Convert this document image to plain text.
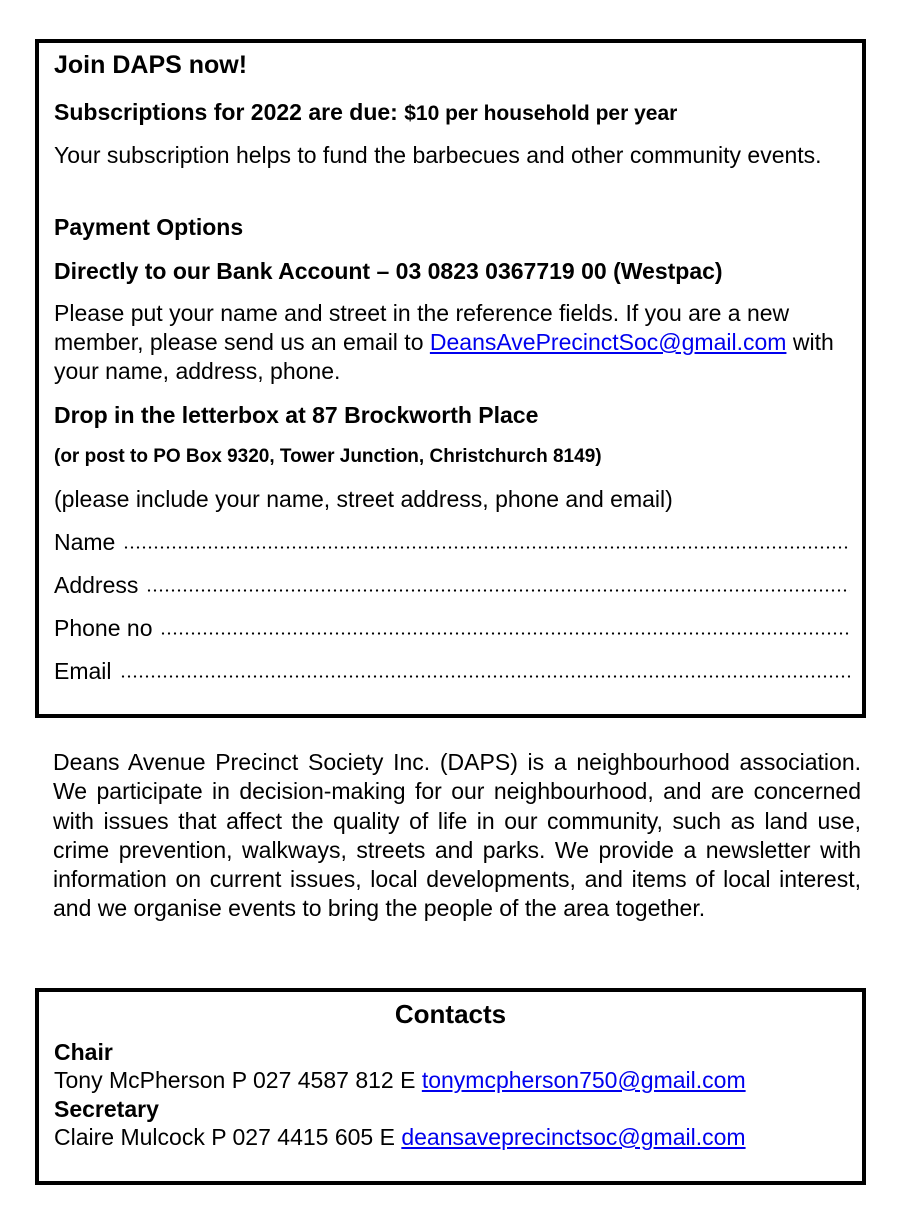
Join DAPS now!
Subscriptions for 2022 are due: $10 per household per year
Your subscription helps to fund the barbecues and other community events.
Payment Options
Directly to our Bank Account – 03 0823 0367719 00 (Westpac)
Please put your name and street in the reference fields. If you are a new member, please send us an email to DeansAvePrecinctSoc@gmail.com with your name, address, phone.
Drop in the letterbox at 87 Brockworth Place
(or post to PO Box 9320, Tower Junction, Christchurch 8149)
(please include your name, street address, phone and email)
Name
Address
Phone no
Email
Deans Avenue Precinct Society Inc. (DAPS) is a neighbourhood association. We participate in decision-making for our neighbourhood, and are concerned with issues that affect the quality of life in our community, such as land use, crime prevention, walkways, streets and parks. We provide a newsletter with information on current issues, local developments, and items of local interest, and we organise events to bring the people of the area together.
Contacts
Chair
Tony McPherson P 027 4587 812 E tonymcpherson750@gmail.com
Secretary
Claire Mulcock P 027 4415 605 E deansaveprecinctsoc@gmail.com
